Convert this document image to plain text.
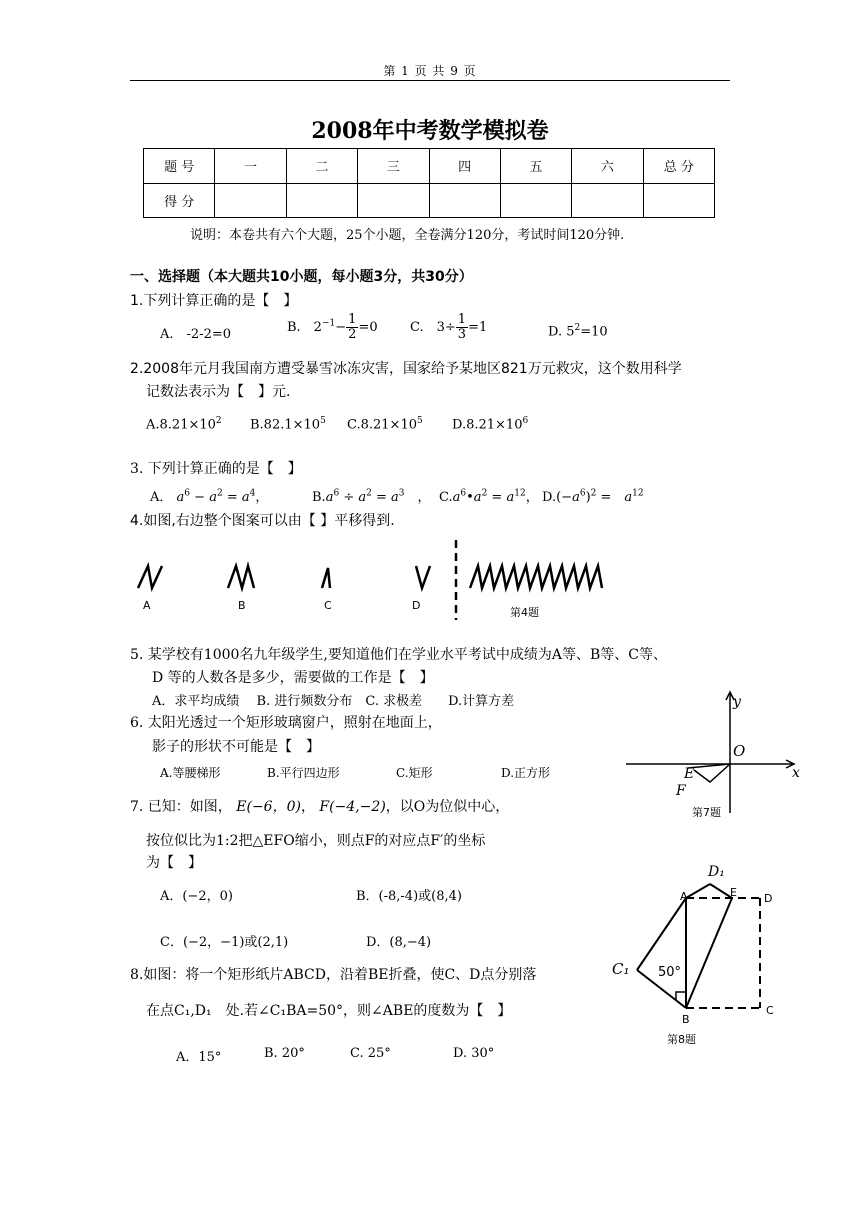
第 1 页 共 9 页
2008年中考数学模拟卷
题 号	一	二	三	四	五	六	总 分
得 分							
说明：本卷共有六个大题，25个小题，全卷满分120分，考试时间120分钟.
一、选择题（本大题共10小题，每小题3分，共30分）
1.下列计算正确的是【　】
A.　-2-2=0	B.　$2^{-1}- \frac{1}{2} =0$ C.　$3\div \frac{1}{3} =1$	D. $5^2=10$
2.2008年元月我国南方遭受暴雪冰冻灾害，国家给予某地区821万元救灾，这个数用科学
记数法表示为【　】元.
$A.8.21\times 10^2$ $B.82.1\times 10^5$ $C.8.21\times 10^5$ $D.8.21\times 10^6$
3. 下列计算正确的是【　】
A． $a^6 - a^2 = a^4$，	$B.a^6 \div a^2 = a^3$　， $C.a^6•a^2 = a^{12}$， $D.(-a^6)^2$ =　$a^{12}$
4.如图,右边整个图案可以由【 】平移得到.
A	B	C	D
第4题
5. 某学校有1000名九年级学生,要知道他们在学业水平考试中成绩为A等、B等、C等、
D 等的人数各是多少，需要做的工作是【　】
A．求平均成绩　 B. 进行频数分布　C. 求极差　　D.计算方差
6. 太阳光透过一个矩形玻璃窗户，照射在地面上，
影子的形状不可能是【　】
A.等腰梯形	B.平行四边形	C.矩形	D.正方形
y
O
x
E
F
第7题
7. 已知：如图， E(−6，0)， F(−4,−2)，以O为位似中心，
按位似比为1:2把△EFO缩小，则点F的对应点F′的坐标
为【　】
A．(−2，0)	B．(-8,-4)或(8,4)
C．(−2，−1)或(2,1)	D．(8,−4)
A
D₁
E D
C₁ 50°
B
C
第8题
8.如图：将一个矩形纸片ABCD，沿着BE折叠，使C、D点分别落
在点C₁,D₁　处.若∠C₁BA=50°，则∠ABE的度数为【　】
A．15°	B. 20°	C. 25°	D. 30°
